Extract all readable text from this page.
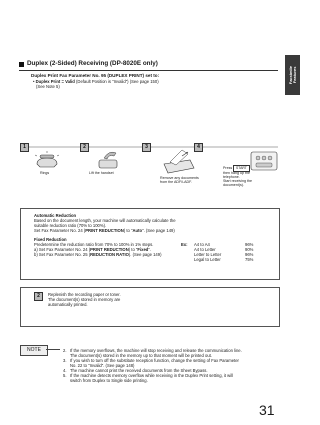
Facsimile
Features
Duplex (2-Sided) Receiving (DP-8020E only)
Duplex Print Fax Parameter No. 95 (DUPLEX PRINT) set to:
• Duplex Print = Valid (Default Position is "Invalid") (See page 150)
(See Note 5)
1
Rings
2
Lift the handset
3
Remove any documents
from the ADF/i-ADF.
4
Press	START
then hang up the
telephone.
Start receiving the
document(s).
Automatic Reduction
Based on the document length, your machine will automatically calculate the
suitable reduction ratio (70% to 100%).
Set Fax Parameter No. 24 (PRINT REDUCTION) to "Auto". (See page 149)
Fixed Reduction
Predetermine the reduction ratio from 70% to 100% in 1% steps.
a) Set Fax Parameter No. 24 (PRINT REDUCTION) to "Fixed".
b) Set Fax Parameter No. 25 (REDUCTION RATIO). (See page 149)
Ex: A4 to A4	96%
A4 to Letter	90%
Letter to Letter	96%
Legal to Letter	75%
2	Replenish the recording paper or toner.
The document(s) stored in memory are
automatically printed.
NOTE	2. If the memory overflows, the machine will stop receiving and release the communication line.
The document(s) stored in the memory up to that moment will be printed out.
3. If you wish to turn off the substitute reception function, change the setting of Fax Parameter
No. 22 to "Invalid". (See page 148)
4. The machine cannot print the received documents from the Sheet Bypass.
5. If the machine detects memory overflow while receiving in the Duplex Print setting, it will
switch from Duplex to Single side printing.
31
